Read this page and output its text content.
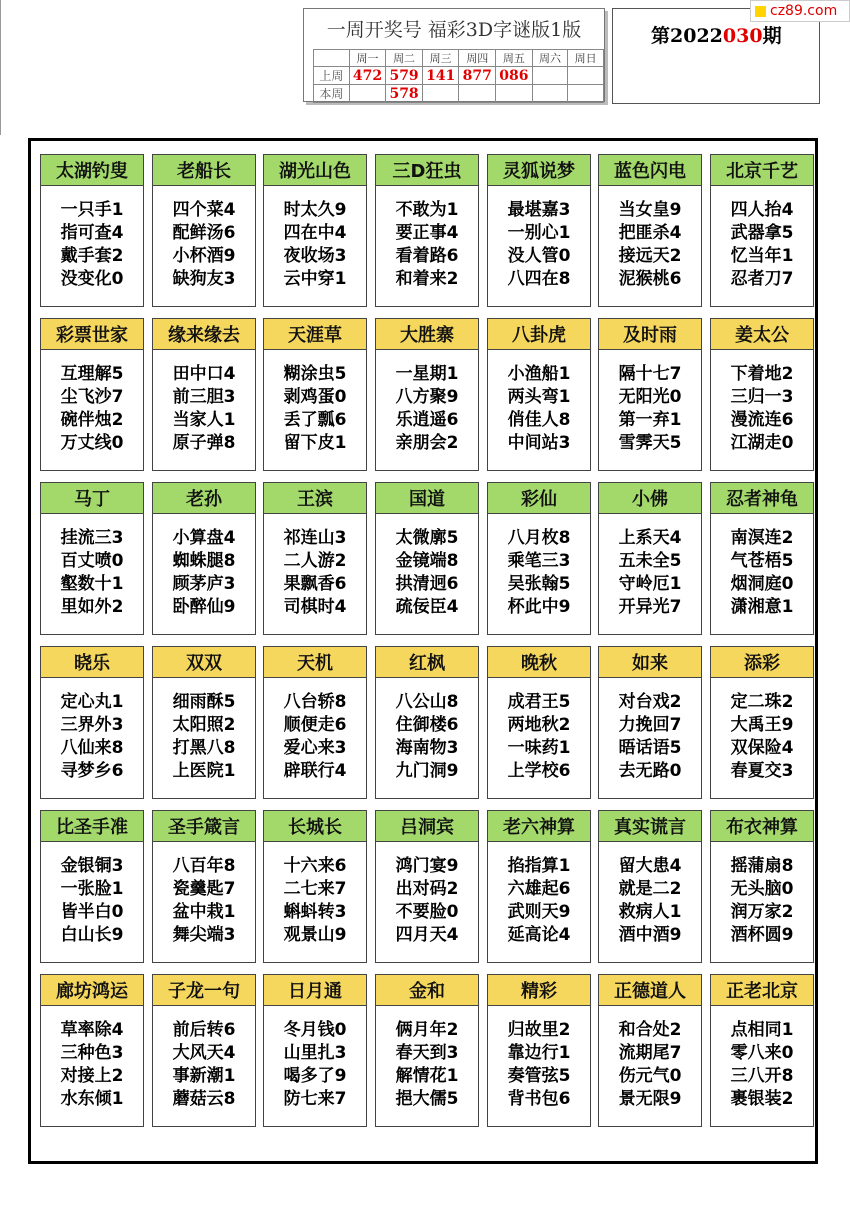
一周开奖号 福彩3D字谜版1版
	周一	周二	周三	周四	周五	周六	周日
上周	472	579	141	877	086		
本周		578					
第2022030期
cz89.com
太湖钓叟
一只手1
指可查4
戴手套2
没变化0
老船长
四个菜4
配鲜汤6
小杯酒9
缺狗友3
湖光山色
时太久9
四在中4
夜收场3
云中穿1
三D狂虫
不敢为1
要正事4
看着路6
和着来2
灵狐说梦
最堪嘉3
一别心1
没人管0
八四在8
蓝色闪电
当女皇9
把匪杀4
接远天2
泥猴桃6
北京千艺
四人抬4
武器拿5
忆当年1
忍者刀7
彩票世家
互理解5
尘飞沙7
碗伴烛2
万丈线0
缘来缘去
田中口4
前三胆3
当家人1
原子弹8
天涯草
糊涂虫5
剥鸡蛋0
丢了瓢6
留下皮1
大胜寨
一星期1
八方聚9
乐逍遥6
亲朋会2
八卦虎
小渔船1
两头弯1
俏佳人8
中间站3
及时雨
隔十七7
无阳光0
第一弃1
雪霁天5
姜太公
下着地2
三归一3
漫流连6
江湖走0
马丁
挂流三3
百丈喷0
壑数十1
里如外2
老孙
小算盘4
蜘蛛腿8
顾茅庐3
卧醉仙9
王滨
祁连山3
二人游2
果飘香6
司棋时4
国道
太微廓5
金镜端8
拱清迥6
疏佞臣4
彩仙
八月枚8
乘笔三3
吴张翰5
杯此中9
小佛
上系天4
五未全5
守岭厄1
开异光7
忍者神龟
南溟连2
气苍梧5
烟洞庭0
潇湘意1
晓乐
定心丸1
三界外3
八仙来8
寻梦乡6
双双
细雨酥5
太阳照2
打黑八8
上医院1
天机
八台轿8
顺便走6
爱心来3
辟联行4
红枫
八公山8
住御楼6
海南物3
九门洞9
晚秋
成君王5
两地秋2
一味药1
上学校6
如来
对台戏2
力挽回7
晤话语5
去无路0
添彩
定二珠2
大禹王9
双保险4
春夏交3
比圣手准
金银铜3
一张脸1
皆半白0
白山长9
圣手箴言
八百年8
瓷羹匙7
盆中栽1
舞尖端3
长城长
十六来6
二七来7
蝌蚪转3
观景山9
吕洞宾
鸿门宴9
出对码2
不要脸0
四月天4
老六神算
掐指算1
六雄起6
武则天9
延高论4
真实谎言
留大患4
就是二2
救病人1
酒中酒9
布衣神算
摇蒲扇8
无头脑0
润万家2
酒杯圆9
廊坊鸿运
草率除4
三种色3
对接上2
水东倾1
子龙一句
前后转6
大风天4
事新潮1
蘑菇云8
日月通
冬月钱0
山里扎3
喝多了9
防七来7
金和
俩月年2
春天到3
解情花1
挹大儒5
精彩
归故里2
靠边行1
奏管弦5
背书包6
正德道人
和合处2
流期尾7
伤元气0
景无限9
正老北京
点相同1
零八来0
三八开8
裹银装2
